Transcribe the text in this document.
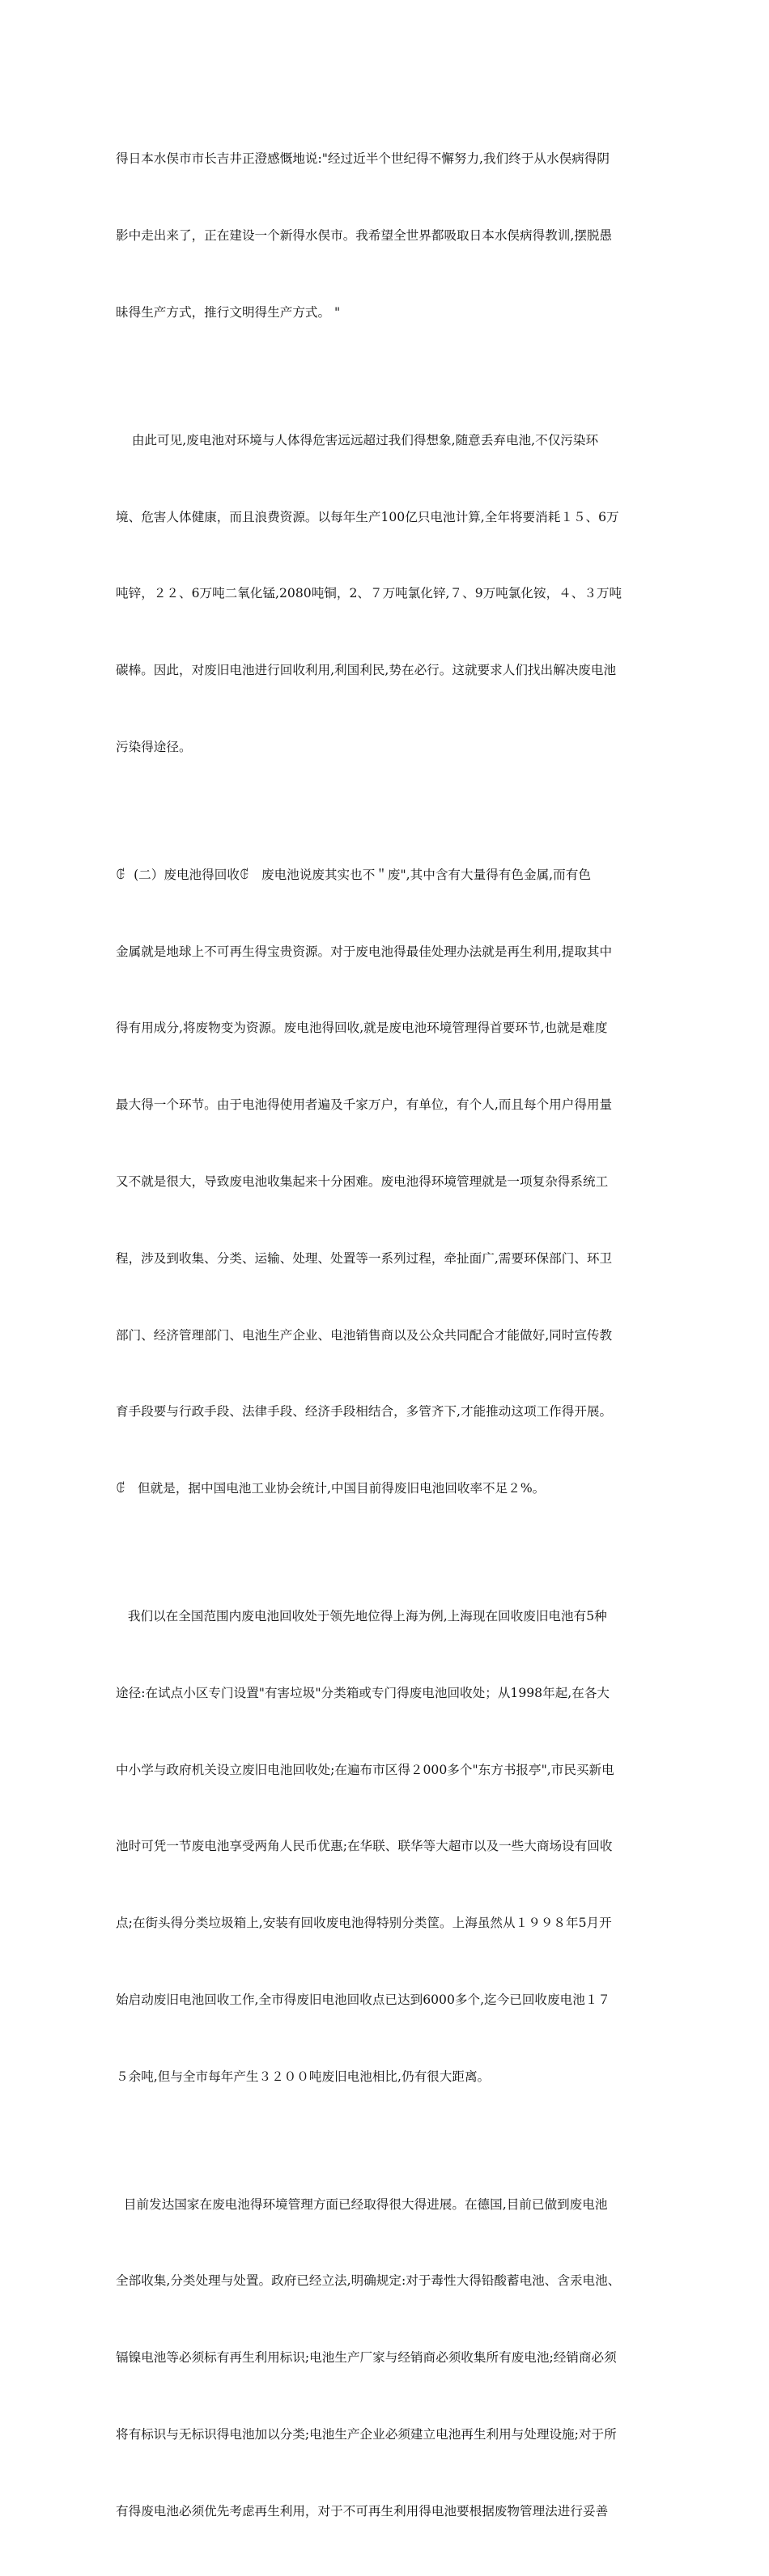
得日本水俣市市长吉井正澄感慨地说:"经过近半个世纪得不懈努力,我们终于从水俣病得阴

影中走出来了，正在建设一个新得水俣市。我希望全世界都吸取日本水俣病得教训,摆脱愚

昧得生产方式，推行文明得生产方式。 "

由此可见,废电池对环境与人体得危害远远超过我们得想象,随意丢弃电池,不仅污染环

境、危害人体健康，而且浪费资源。以每年生产100亿只电池计算,全年将要消耗１５、6万

吨锌，２２、6万吨二氧化锰,2080吨铜，2、７万吨氯化锌,７、9万吨氯化铵，４、３万吨

碳棒。因此，对废旧电池进行回收利用,利国利民,势在必行。这就要求人们找出解决废电池

污染得途径。

ꂅ  (二）废电池得回收ꂅ   废电池说废其实也不＂废",其中含有大量得有色金属,而有色

金属就是地球上不可再生得宝贵资源。对于废电池得最佳处理办法就是再生利用,提取其中

得有用成分,将废物变为资源。废电池得回收,就是废电池环境管理得首要环节,也就是难度

最大得一个环节。由于电池得使用者遍及千家万户，有单位，有个人,而且每个用户得用量

又不就是很大，导致废电池收集起来十分困难。废电池得环境管理就是一项复杂得系统工

程，涉及到收集、分类、运输、处理、处置等一系列过程，牵扯面广,需要环保部门、环卫

部门、经济管理部门、电池生产企业、电池销售商以及公众共同配合才能做好,同时宣传教

育手段要与行政手段、法律手段、经济手段相结合，多管齐下,才能推动这项工作得开展。

ꂅ   但就是，据中国电池工业协会统计,中国目前得废旧电池回收率不足２%。

我们以在全国范围内废电池回收处于领先地位得上海为例,上海现在回收废旧电池有5种

途径:在试点小区专门设置"有害垃圾"分类箱或专门得废电池回收处；从1998年起,在各大

中小学与政府机关设立废旧电池回收处;在遍布市区得２000多个"东方书报亭",市民买新电

池时可凭一节废电池享受两角人民币优惠;在华联、联华等大超市以及一些大商场设有回收

点;在街头得分类垃圾箱上,安装有回收废电池得特别分类筐。上海虽然从１９９８年5月开

始启动废旧电池回收工作,全市得废旧电池回收点已达到6000多个,迄今已回收废电池１７

５余吨,但与全市每年产生３２００吨废旧电池相比,仍有很大距离。

目前发达国家在废电池得环境管理方面已经取得很大得进展。在德国,目前已做到废电池

全部收集,分类处理与处置。政府已经立法,明确规定:对于毒性大得铅酸蓄电池、含汞电池、

镉镍电池等必须标有再生利用标识;电池生产厂家与经销商必须收集所有废电池;经销商必须

将有标识与无标识得电池加以分类;电池生产企业必须建立电池再生利用与处理设施;对于所

有得废电池必须优先考虑再生利用，对于不可再生利用得电池要根据废物管理法进行妥善
